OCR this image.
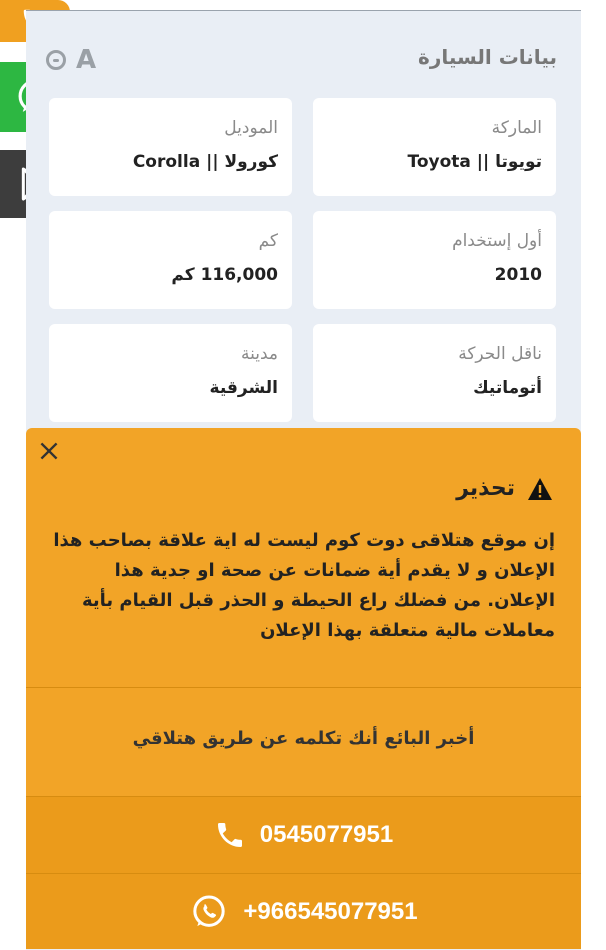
بيانات السيارة
A
الماركة
تويوتا || Toyota
الموديل
كورولا || Corolla
أول إستخدام
2010
كم
116,000 كم
ناقل الحركة
أتوماتيك
مدينة
الشرقية
تحذير
إن موقع هتلاقى دوت كوم ليست له اية علاقة بصاحب هذا الإعلان و لا يقدم أية ضمانات عن صحة او جدية هذا الإعلان. من فضلك راع الحيطة و الحذر قبل القيام بأية معاملات مالية متعلقة بهذا الإعلان
أخبر البائع أنك تكلمه عن طريق هتلاقي
0545077951
+966545077951
